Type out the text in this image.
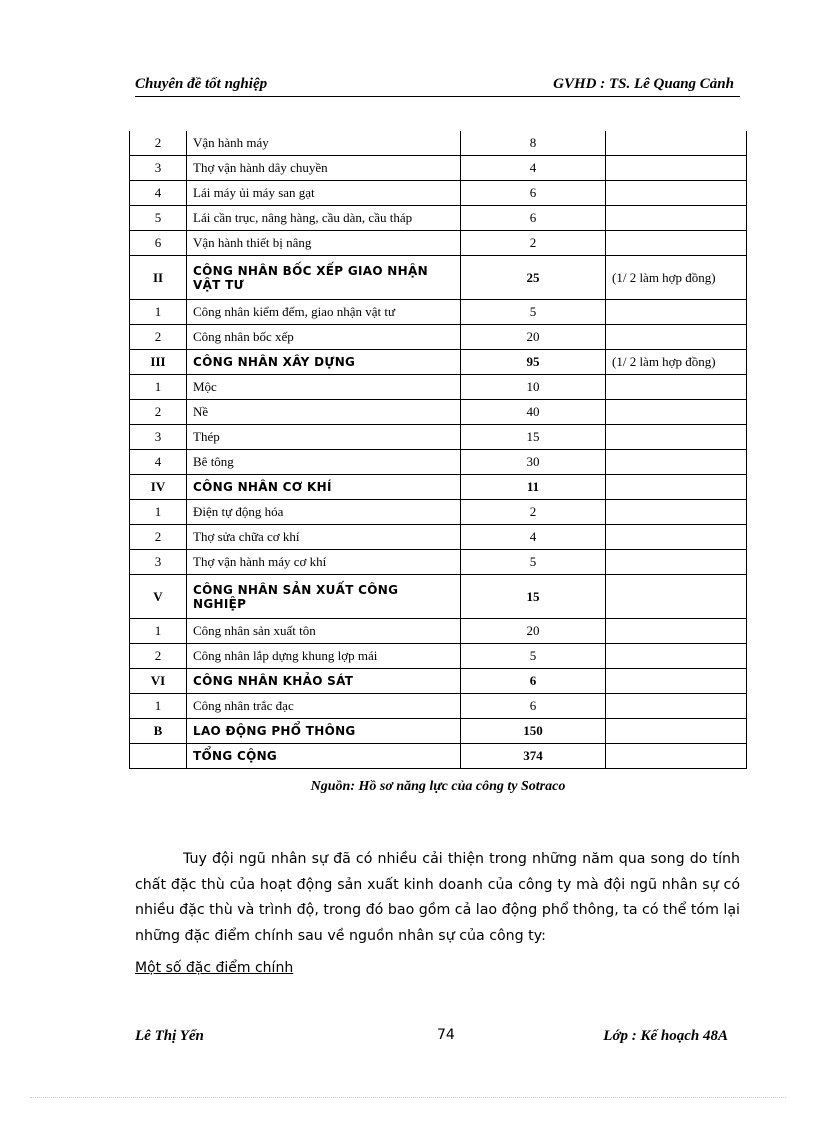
Chuyên đề tốt nghiệp	GVHD : TS. Lê Quang Cảnh
2	Vận hành máy	8	
3	Thợ vận hành dây chuyền	4	
4	Lái máy ủi máy san gạt	6	
5	Lái cần trục, nâng hàng, cầu dàn, cầu tháp	6	
6	Vận hành thiết bị nâng	2	
II	CÔNG NHÂN BỐC XẾP GIAO NHẬN VẬT TƯ	25	(1/ 2 làm hợp đồng)
1	Công nhân kiểm đếm, giao nhận vật tư	5	
2	Công nhân bốc xếp	20	
III	CÔNG NHÂN XÂY DỰNG	95	(1/ 2 làm hợp đồng)
1	Mộc	10	
2	Nề	40	
3	Thép	15	
4	Bê tông	30	
IV	CÔNG NHÂN CƠ KHÍ	11	
1	Điện tự động hóa	2	
2	Thợ sửa chữa cơ khí	4	
3	Thợ vận hành máy cơ khí	5	
V	CÔNG NHÂN SẢN XUẤT CÔNG NGHIỆP	15	
1	Công nhân sản xuất tôn	20	
2	Công nhân lắp dựng khung lợp mái	5	
VI	CÔNG NHÂN KHẢO SÁT	6	
1	Công nhân trắc đạc	6	
B	LAO ĐỘNG PHỔ THÔNG	150	
	TỔNG CỘNG	374	
Nguồn: Hồ sơ năng lực của công ty Sotraco
Tuy đội ngũ nhân sự đã có nhiều cải thiện trong những năm qua song do tính chất đặc thù của hoạt động sản xuất kinh doanh của công ty mà đội ngũ nhân sự có nhiều đặc thù và trình độ, trong đó bao gồm cả lao động phổ thông, ta có thể tóm lại những đặc điểm chính sau về nguồn nhân sự của công ty:
Một số đặc điểm chính
Lê Thị Yến	74	Lớp : Kế hoạch 48A
